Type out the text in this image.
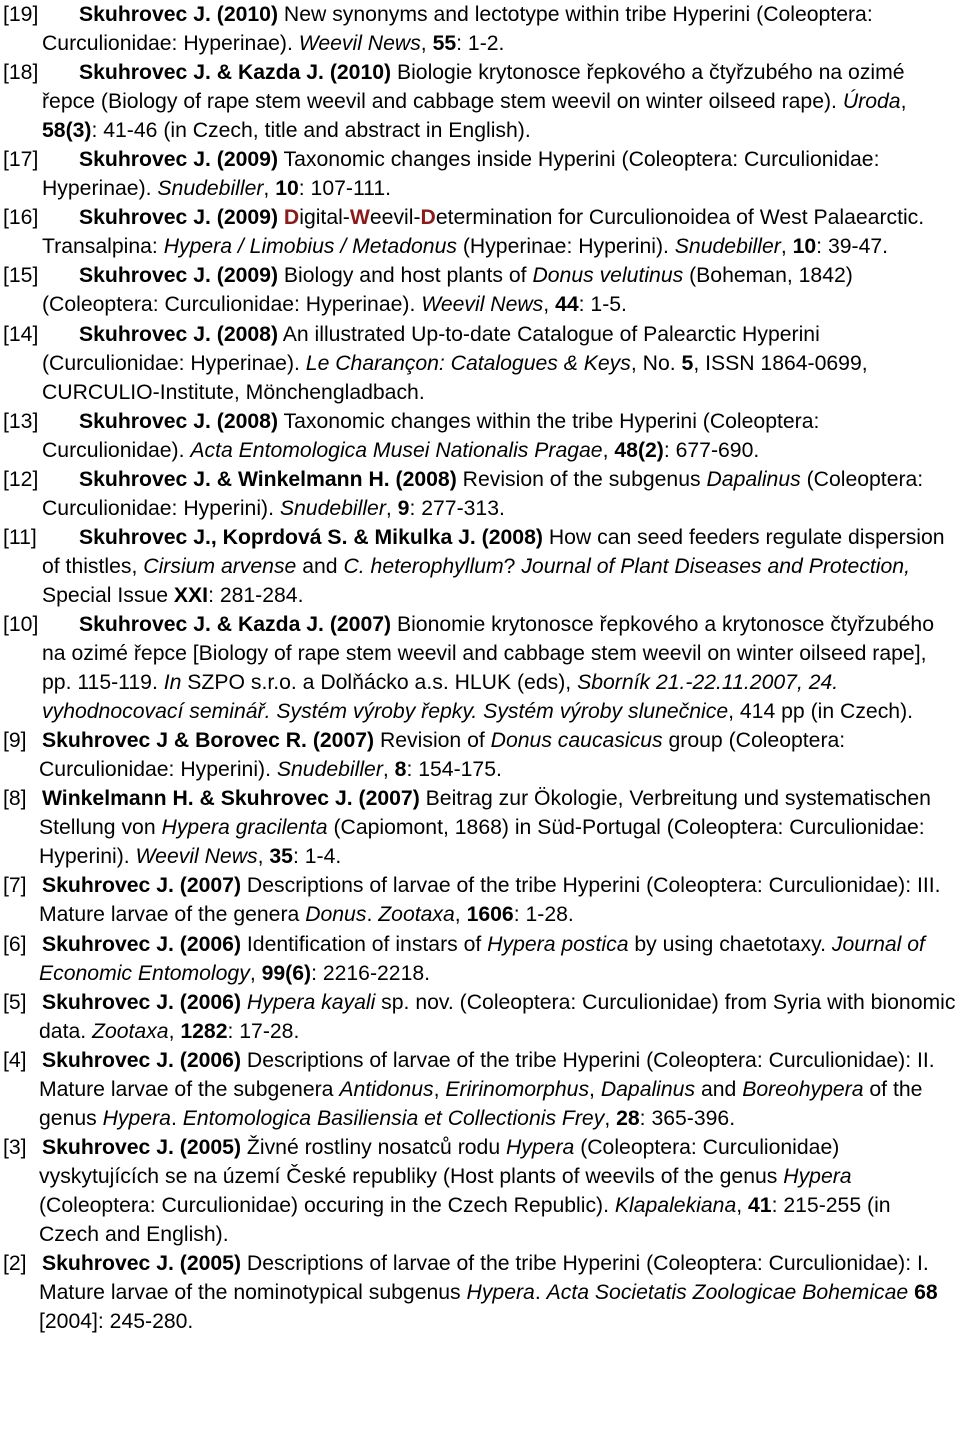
[19] Skuhrovec J. (2010) New synonyms and lectotype within tribe Hyperini (Coleoptera: Curculionidae: Hyperinae). Weevil News, 55: 1-2.

[18] Skuhrovec J. & Kazda J. (2010) Biologie krytonosce řepkového a čtyřzubého na ozimé řepce (Biology of rape stem weevil and cabbage stem weevil on winter oilseed rape). Úroda, 58(3): 41-46 (in Czech, title and abstract in English).

[17] Skuhrovec J. (2009) Taxonomic changes inside Hyperini (Coleoptera: Curculionidae: Hyperinae). Snudebiller, 10: 107-111.

[16] Skuhrovec J. (2009) Digital-Weevil-Determination for Curculionoidea of West Palaearctic. Transalpina: Hypera / Limobius / Metadonus (Hyperinae: Hyperini). Snudebiller, 10: 39-47.

[15] Skuhrovec J. (2009) Biology and host plants of Donus velutinus (Boheman, 1842) (Coleoptera: Curculionidae: Hyperinae). Weevil News, 44: 1-5.

[14] Skuhrovec J. (2008) An illustrated Up-to-date Catalogue of Palearctic Hyperini (Curculionidae: Hyperinae). Le Charançon: Catalogues & Keys, No. 5, ISSN 1864-0699, CURCULIO-Institute, Mönchengladbach.

[13] Skuhrovec J. (2008) Taxonomic changes within the tribe Hyperini (Coleoptera: Curculionidae). Acta Entomologica Musei Nationalis Pragae, 48(2): 677-690.

[12] Skuhrovec J. & Winkelmann H. (2008) Revision of the subgenus Dapalinus (Coleoptera: Curculionidae: Hyperini). Snudebiller, 9: 277-313.

[11] Skuhrovec J., Koprdová S. & Mikulka J. (2008) How can seed feeders regulate dispersion of thistles, Cirsium arvense and C. heterophyllum? Journal of Plant Diseases and Protection, Special Issue XXI: 281-284.

[10] Skuhrovec J. & Kazda J. (2007) Bionomie krytonosce řepkového a krytonosce čtyřzubého na ozimé řepce [Biology of rape stem weevil and cabbage stem weevil on winter oilseed rape], pp. 115-119. In SZPO s.r.o. a Dolňácko a.s. HLUK (eds), Sborník 21.-22.11.2007, 24. vyhodnocovací seminář. Systém výroby řepky. Systém výroby slunečnice, 414 pp (in Czech).

[9] Skuhrovec J & Borovec R. (2007) Revision of Donus caucasicus group (Coleoptera: Curculionidae: Hyperini). Snudebiller, 8: 154-175.

[8] Winkelmann H. & Skuhrovec J. (2007) Beitrag zur Ökologie, Verbreitung und systematischen Stellung von Hypera gracilenta (Capiomont, 1868) in Süd-Portugal (Coleoptera: Curculionidae: Hyperini). Weevil News, 35: 1-4.

[7] Skuhrovec J. (2007) Descriptions of larvae of the tribe Hyperini (Coleoptera: Curculionidae): III. Mature larvae of the genera Donus. Zootaxa, 1606: 1-28.

[6] Skuhrovec J. (2006) Identification of instars of Hypera postica by using chaetotaxy. Journal of Economic Entomology, 99(6): 2216-2218.

[5] Skuhrovec J. (2006) Hypera kayali sp. nov. (Coleoptera: Curculionidae) from Syria with bionomic data. Zootaxa, 1282: 17-28.

[4] Skuhrovec J. (2006) Descriptions of larvae of the tribe Hyperini (Coleoptera: Curculionidae): II. Mature larvae of the subgenera Antidonus, Eririnomorphus, Dapalinus and Boreohypera of the genus Hypera. Entomologica Basiliensia et Collectionis Frey, 28: 365-396.

[3] Skuhrovec J. (2005) Živné rostliny nosatců rodu Hypera (Coleoptera: Curculionidae) vyskytujících se na území České republiky (Host plants of weevils of the genus Hypera (Coleoptera: Curculionidae) occuring in the Czech Republic). Klapalekiana, 41: 215-255 (in Czech and English).

[2] Skuhrovec J. (2005) Descriptions of larvae of the tribe Hyperini (Coleoptera: Curculionidae): I. Mature larvae of the nominotypical subgenus Hypera. Acta Societatis Zoologicae Bohemicae 68 [2004]: 245-280.
